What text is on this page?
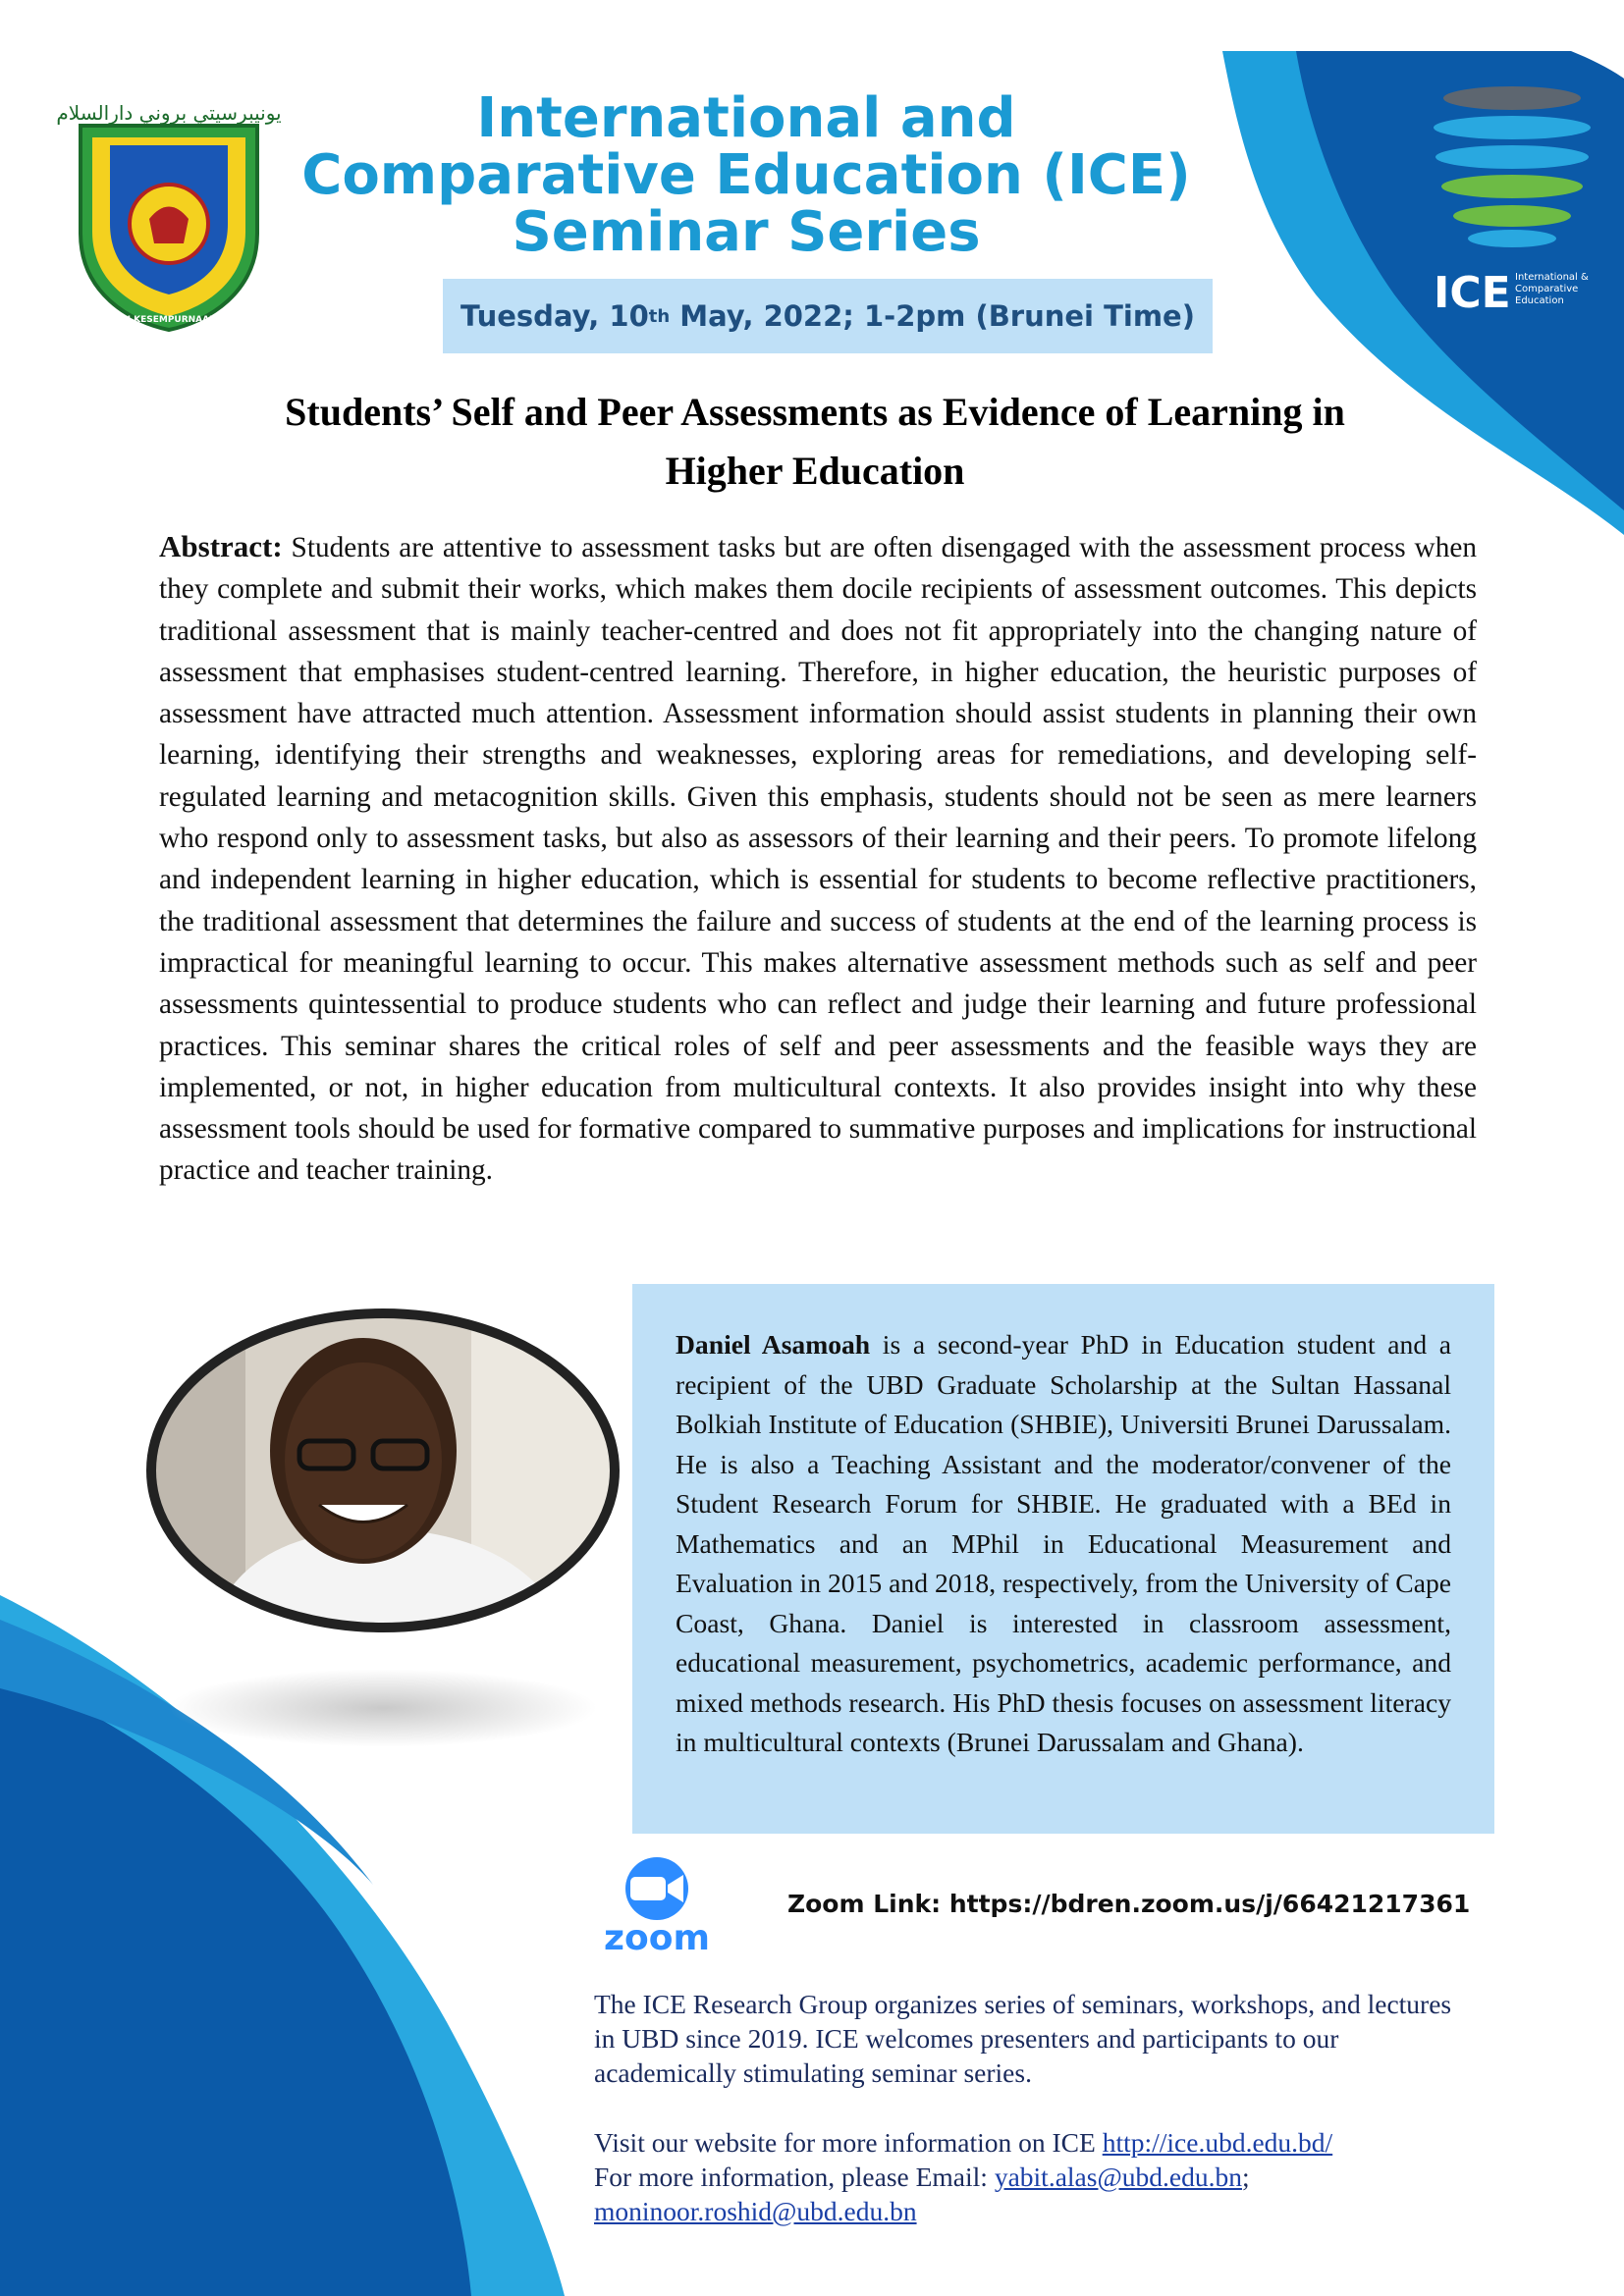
يونيبرسيتي بروني دارالسلام
KE ARAH KESEMPURNAAN INSAN
ICE International &
Comparative
Education
International and
Comparative Education (ICE)
Seminar Series
Tuesday, 10 th May, 2022; 1-2pm (Brunei Time)
Students’ Self and Peer Assessments as Evidence of Learning in
Higher Education
Abstract: Students are attentive to assessment tasks but are often disengaged with the assessment process when they complete and submit their works, which makes them docile recipients of assessment outcomes. This depicts traditional assessment that is mainly teacher-centred and does not fit appropriately into the changing nature of assessment that emphasises student-centred learning. Therefore, in higher education, the heuristic purposes of assessment have attracted much attention. Assessment information should assist students in planning their own learning, identifying their strengths and weaknesses, exploring areas for remediations, and developing self-regulated learning and metacognition skills. Given this emphasis, students should not be seen as mere learners who respond only to assessment tasks, but also as assessors of their learning and their peers. To promote lifelong and independent learning in higher education, which is essential for students to become reflective practitioners, the traditional assessment that determines the failure and success of students at the end of the learning process is impractical for meaningful learning to occur. This makes alternative assessment methods such as self and peer assessments quintessential to produce students who can reflect and judge their learning and future professional practices. This seminar shares the critical roles of self and peer assessments and the feasible ways they are implemented, or not, in higher education from multicultural contexts. It also provides insight into why these assessment tools should be used for formative compared to summative purposes and implications for instructional practice and teacher training.
Daniel Asamoah is a second-year PhD in Education student and a recipient of the UBD Graduate Scholarship at the Sultan Hassanal Bolkiah Institute of Education (SHBIE), Universiti Brunei Darussalam. He is also a Teaching Assistant and the moderator/convener of the Student Research Forum for SHBIE. He graduated with a BEd in Mathematics and an MPhil in Educational Measurement and Evaluation in 2015 and 2018, respectively, from the University of Cape Coast, Ghana. Daniel is interested in classroom assessment, educational measurement, psychometrics, academic performance, and mixed methods research. His PhD thesis focuses on assessment literacy in multicultural contexts (Brunei Darussalam and Ghana).
zoom
Zoom Link: https://bdren.zoom.us/j/66421217361

The ICE Research Group organizes series of seminars, workshops, and lectures in UBD since 2019. ICE welcomes presenters and participants to our academically stimulating seminar series.

Visit our website for more information on ICE http://ice.ubd.edu.bd/

For more information, please Email: yabit.alas@ubd.edu.bn;

moninoor.roshid@ubd.edu.bn
